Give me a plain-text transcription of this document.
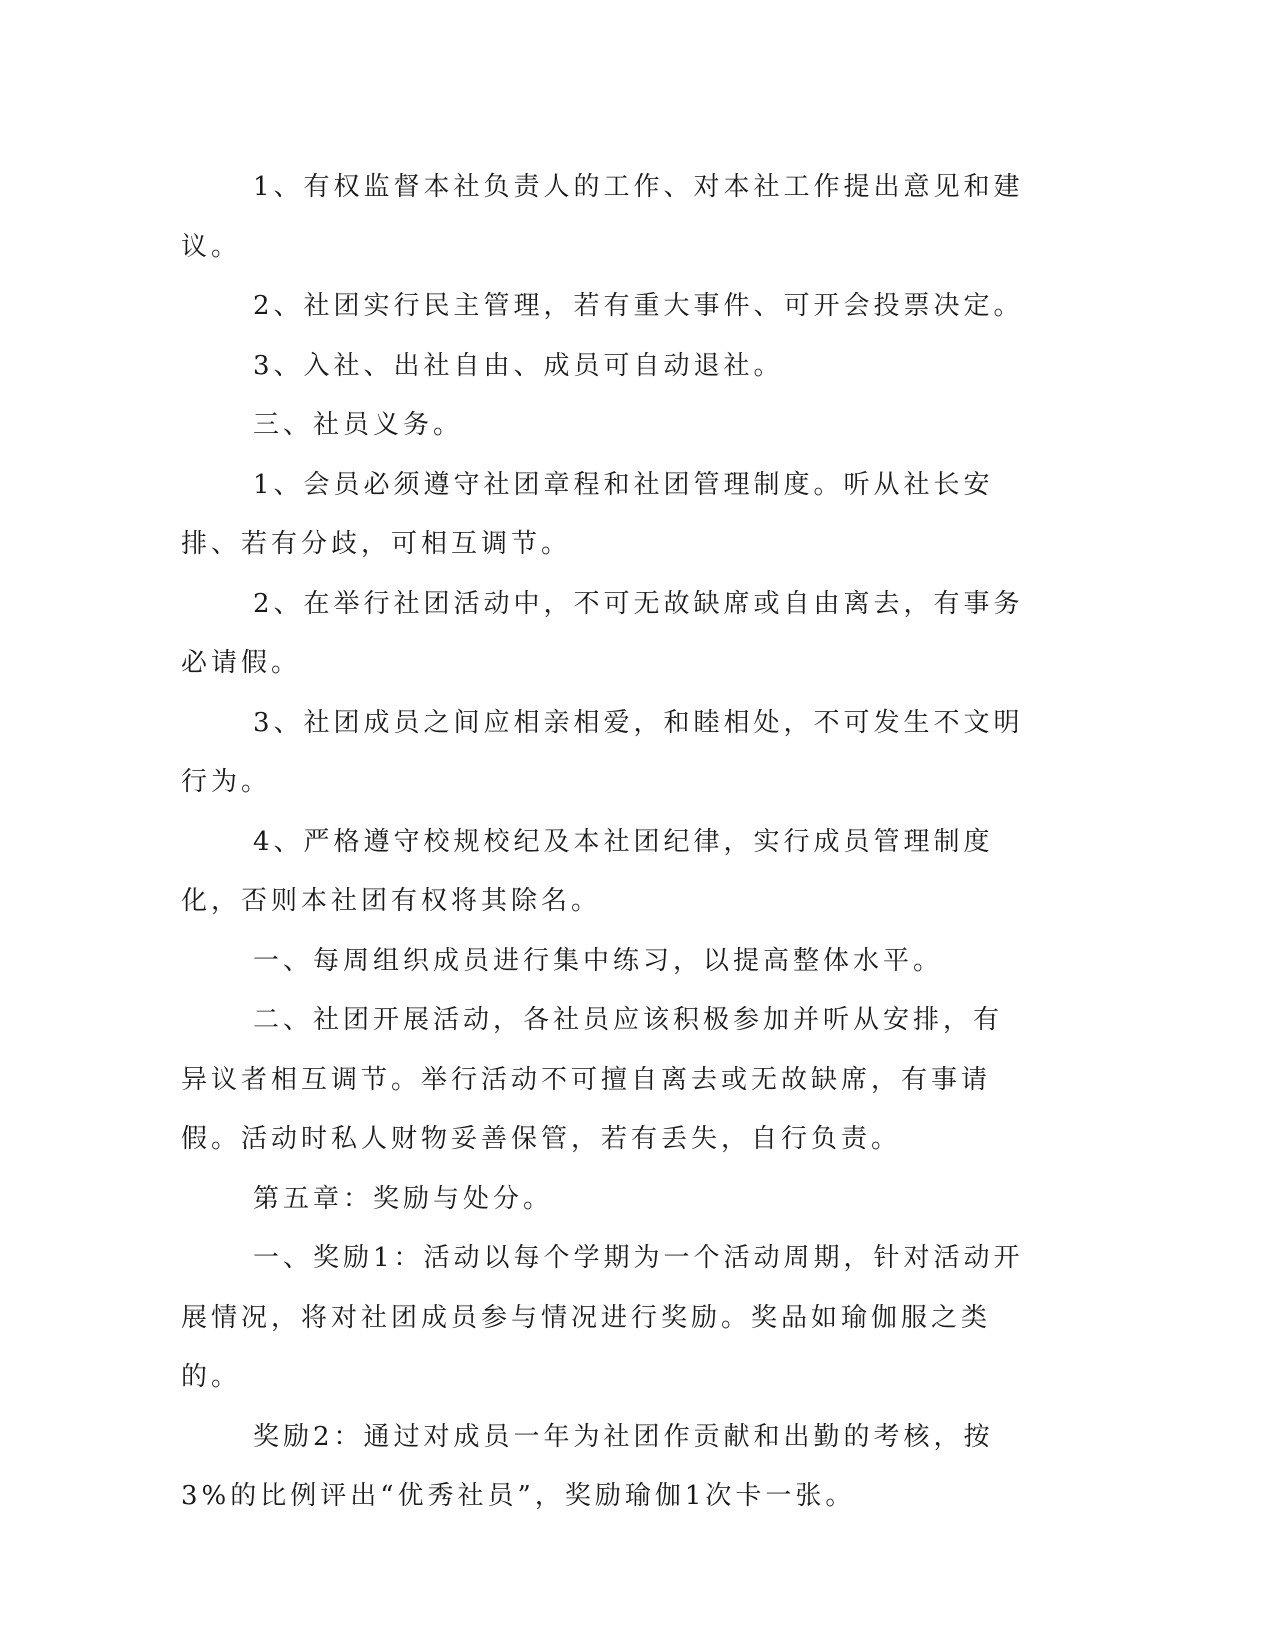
1、有权监督本社负责人的工作、对本社工作提出意见和建议。

2、社团实行民主管理，若有重大事件、可开会投票决定。

3、入社、出社自由、成员可自动退社。

三、社员义务。

1、会员必须遵守社团章程和社团管理制度。听从社长安排、若有分歧，可相互调节。

2、在举行社团活动中，不可无故缺席或自由离去，有事务必请假。

3、社团成员之间应相亲相爱，和睦相处，不可发生不文明行为。

4、严格遵守校规校纪及本社团纪律，实行成员管理制度化，否则本社团有权将其除名。

一、每周组织成员进行集中练习，以提高整体水平。

二、社团开展活动，各社员应该积极参加并听从安排，有异议者相互调节。举行活动不可擅自离去或无故缺席，有事请假。活动时私人财物妥善保管，若有丢失，自行负责。

第五章：奖励与处分。

一、奖励1：活动以每个学期为一个活动周期，针对活动开展情况，将对社团成员参与情况进行奖励。奖品如瑜伽服之类的。

奖励2：通过对成员一年为社团作贡献和出勤的考核，按3%的比例评出“优秀社员”，奖励瑜伽1次卡一张。
